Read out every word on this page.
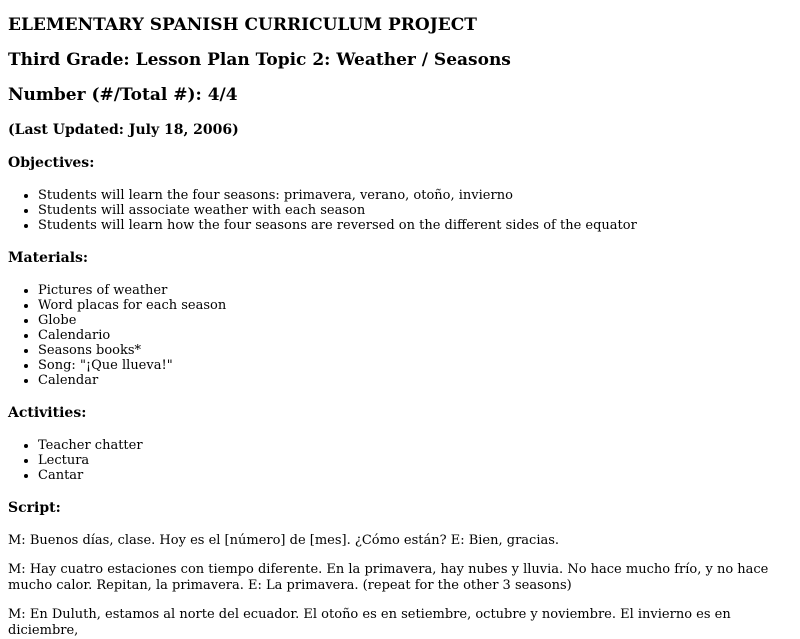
ELEMENTARY SPANISH CURRICULUM PROJECT
Third Grade: Lesson Plan Topic 2: Weather / Seasons
Number (#/Total #): 4/4
(Last Updated: July 18, 2006)
Objectives:
• Students will learn the four seasons: primavera, verano, otoño, invierno
• Students will associate weather with each season
• Students will learn how the four seasons are reversed on the different sides of the equator
Materials:
• Pictures of weather
• Word placas for each season
• Globe
• Calendario
• Seasons books*
• Song: "¡Que llueva!"
• Calendar
Activities:
• Teacher chatter
• Lectura
• Cantar
Script:

M: Buenos días, clase. Hoy es el [número] de [mes]. ¿Cómo están? E: Bien, gracias.

M: Hay cuatro estaciones con tiempo diferente. En la primavera, hay nubes y lluvia. No hace mucho frío, y no hace mucho calor. Repitan, la primavera. E: La primavera. (repeat for the other 3 seasons)

M: En Duluth, estamos al norte del ecuador. El otoño es en setiembre, octubre y noviembre. El invierno es en diciembre,
